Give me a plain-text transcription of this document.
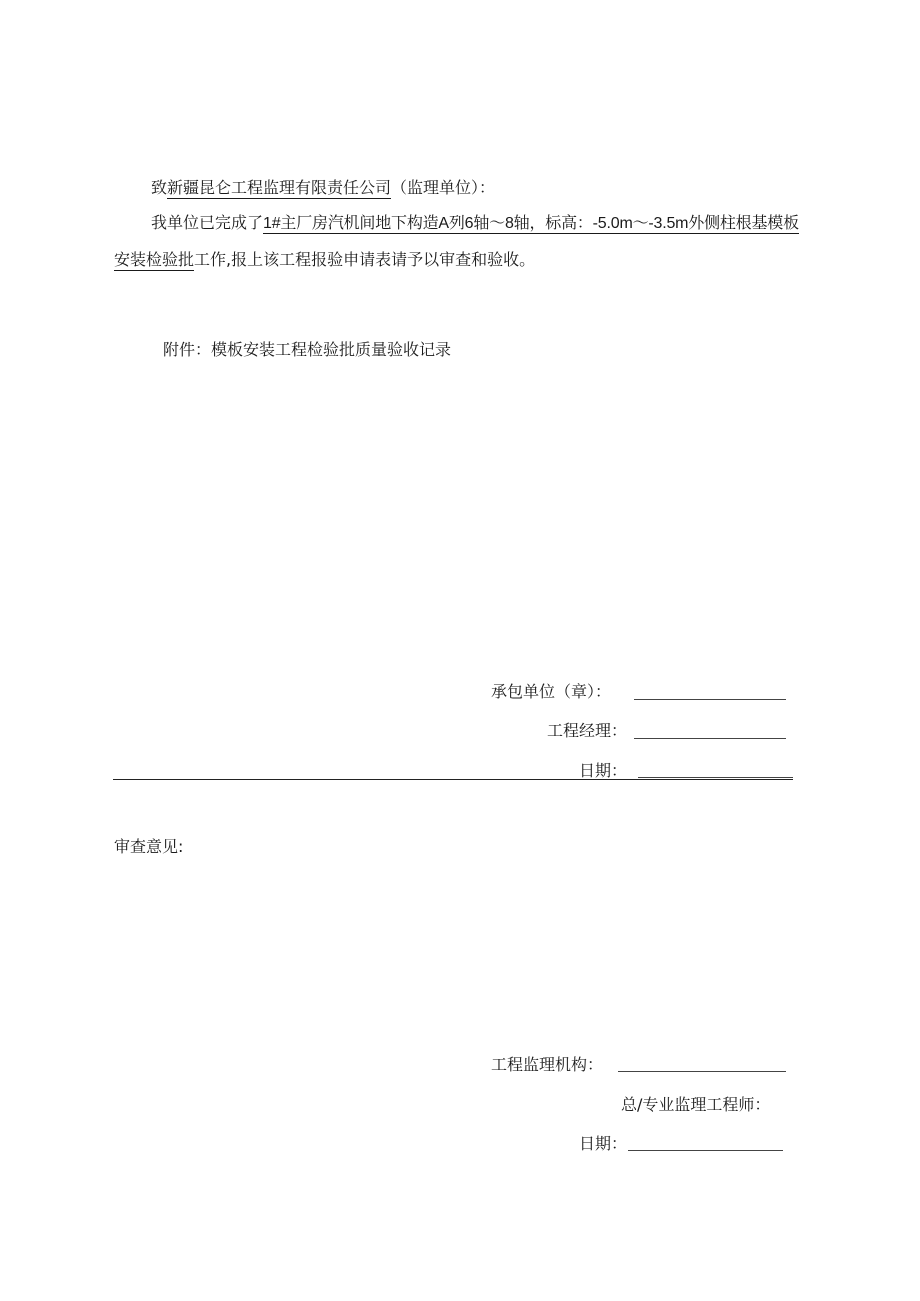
致新疆昆仑工程监理有限责任公司（监理单位）：
我单位已完成了1#主厂房汽机间地下构造A列6轴～8轴，标高：-5.0m～-3.5m外侧柱根基模板
安装检验批工作,报上该工程报验申请表请予以审查和验收。
附件：模板安装工程检验批质量验收记录
承包单位（章）：
工程经理：
日期：
审查意见:
工程监理机构：
总/专业监理工程师：
日期：
